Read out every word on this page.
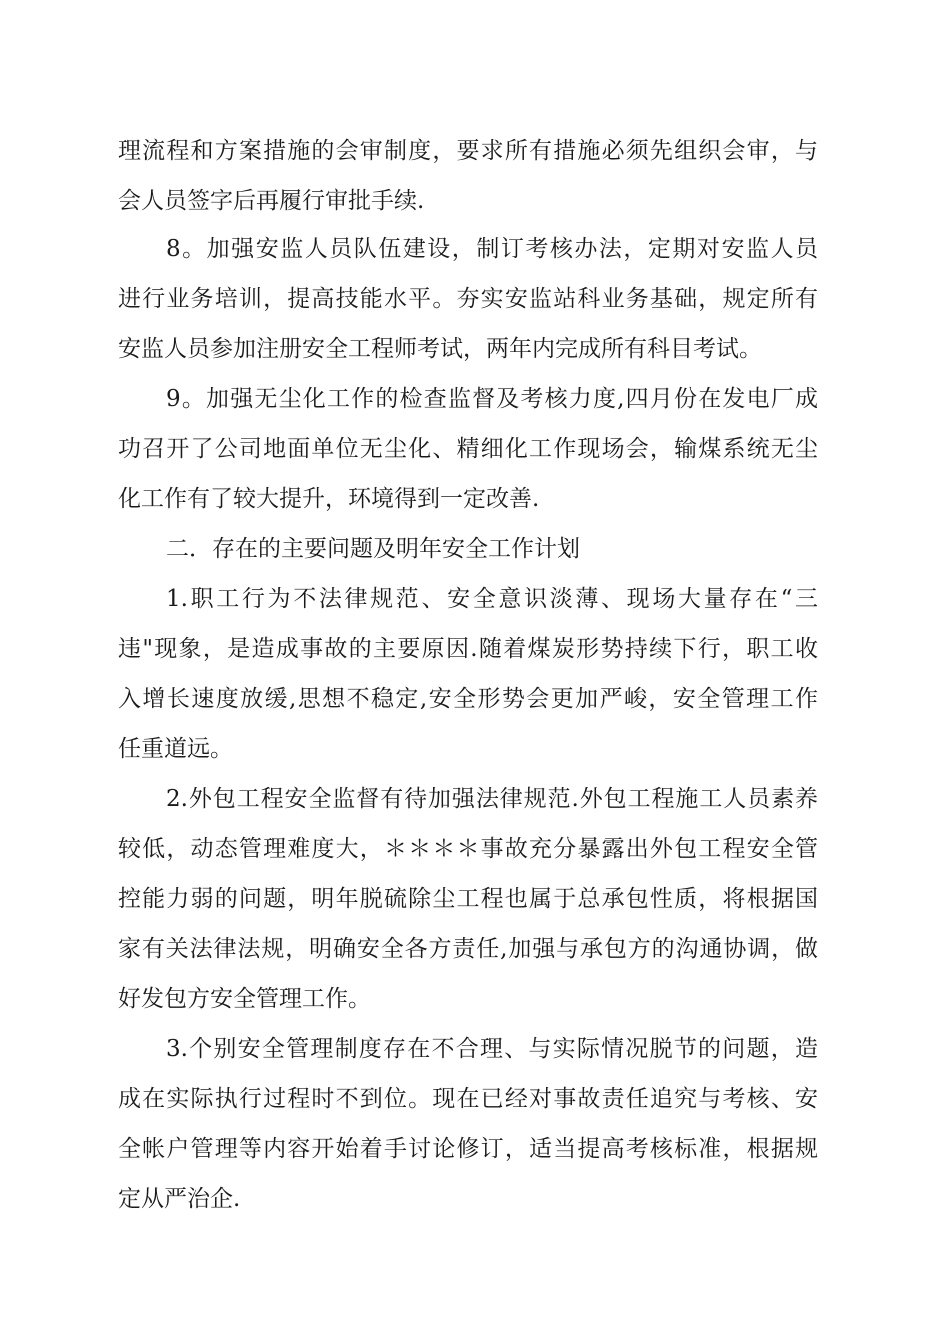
理流程和方案措施的会审制度，要求所有措施必须先组织会审，与
会人员签字后再履行审批手续.
8。加强安监人员队伍建设，制订考核办法，定期对安监人员
进行业务培训，提高技能水平。夯实安监站科业务基础，规定所有
安监人员参加注册安全工程师考试，两年内完成所有科目考试。
9。加强无尘化工作的检查监督及考核力度,四月份在发电厂成
功召开了公司地面单位无尘化、精细化工作现场会，输煤系统无尘
化工作有了较大提升，环境得到一定改善.
二．存在的主要问题及明年安全工作计划
1.职工行为不法律规范、安全意识淡薄、现场大量存在“三
违"现象，是造成事故的主要原因.随着煤炭形势持续下行，职工收
入增长速度放缓,思想不稳定,安全形势会更加严峻，安全管理工作
任重道远。
2.外包工程安全监督有待加强法律规范.外包工程施工人员素养
较低，动态管理难度大，＊＊＊＊事故充分暴露出外包工程安全管
控能力弱的问题，明年脱硫除尘工程也属于总承包性质，将根据国
家有关法律法规，明确安全各方责任,加强与承包方的沟通协调，做
好发包方安全管理工作。
3.个别安全管理制度存在不合理、与实际情况脱节的问题，造
成在实际执行过程时不到位。现在已经对事故责任追究与考核、安
全帐户管理等内容开始着手讨论修订，适当提高考核标准，根据规
定从严治企.
